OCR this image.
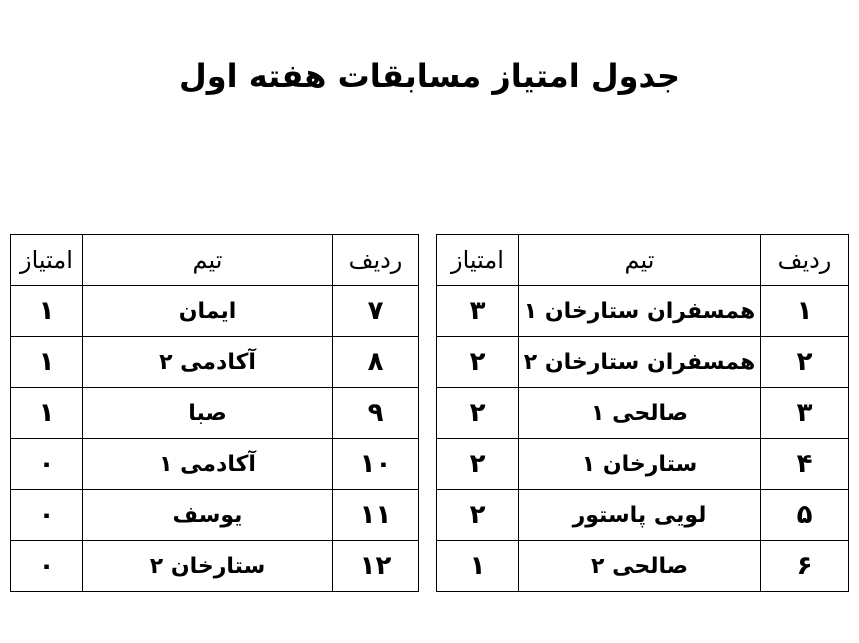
جدول امتیاز مسابقات هفته اول
ردیف	تیم	امتیاز
۱	همسفران ستارخان ۱	۳
۲	همسفران ستارخان ۲	۲
۳	صالحی ۱	۲
۴	ستارخان ۱	۲
۵	لویی پاستور	۲
۶	صالحی ۲	۱
ردیف	تیم	امتیاز
۷	ایمان	۱
۸	آکادمی ۲	۱
۹	صبا	۱
۱۰	آکادمی ۱	۰
۱۱	یوسف	۰
۱۲	ستارخان ۲	۰
